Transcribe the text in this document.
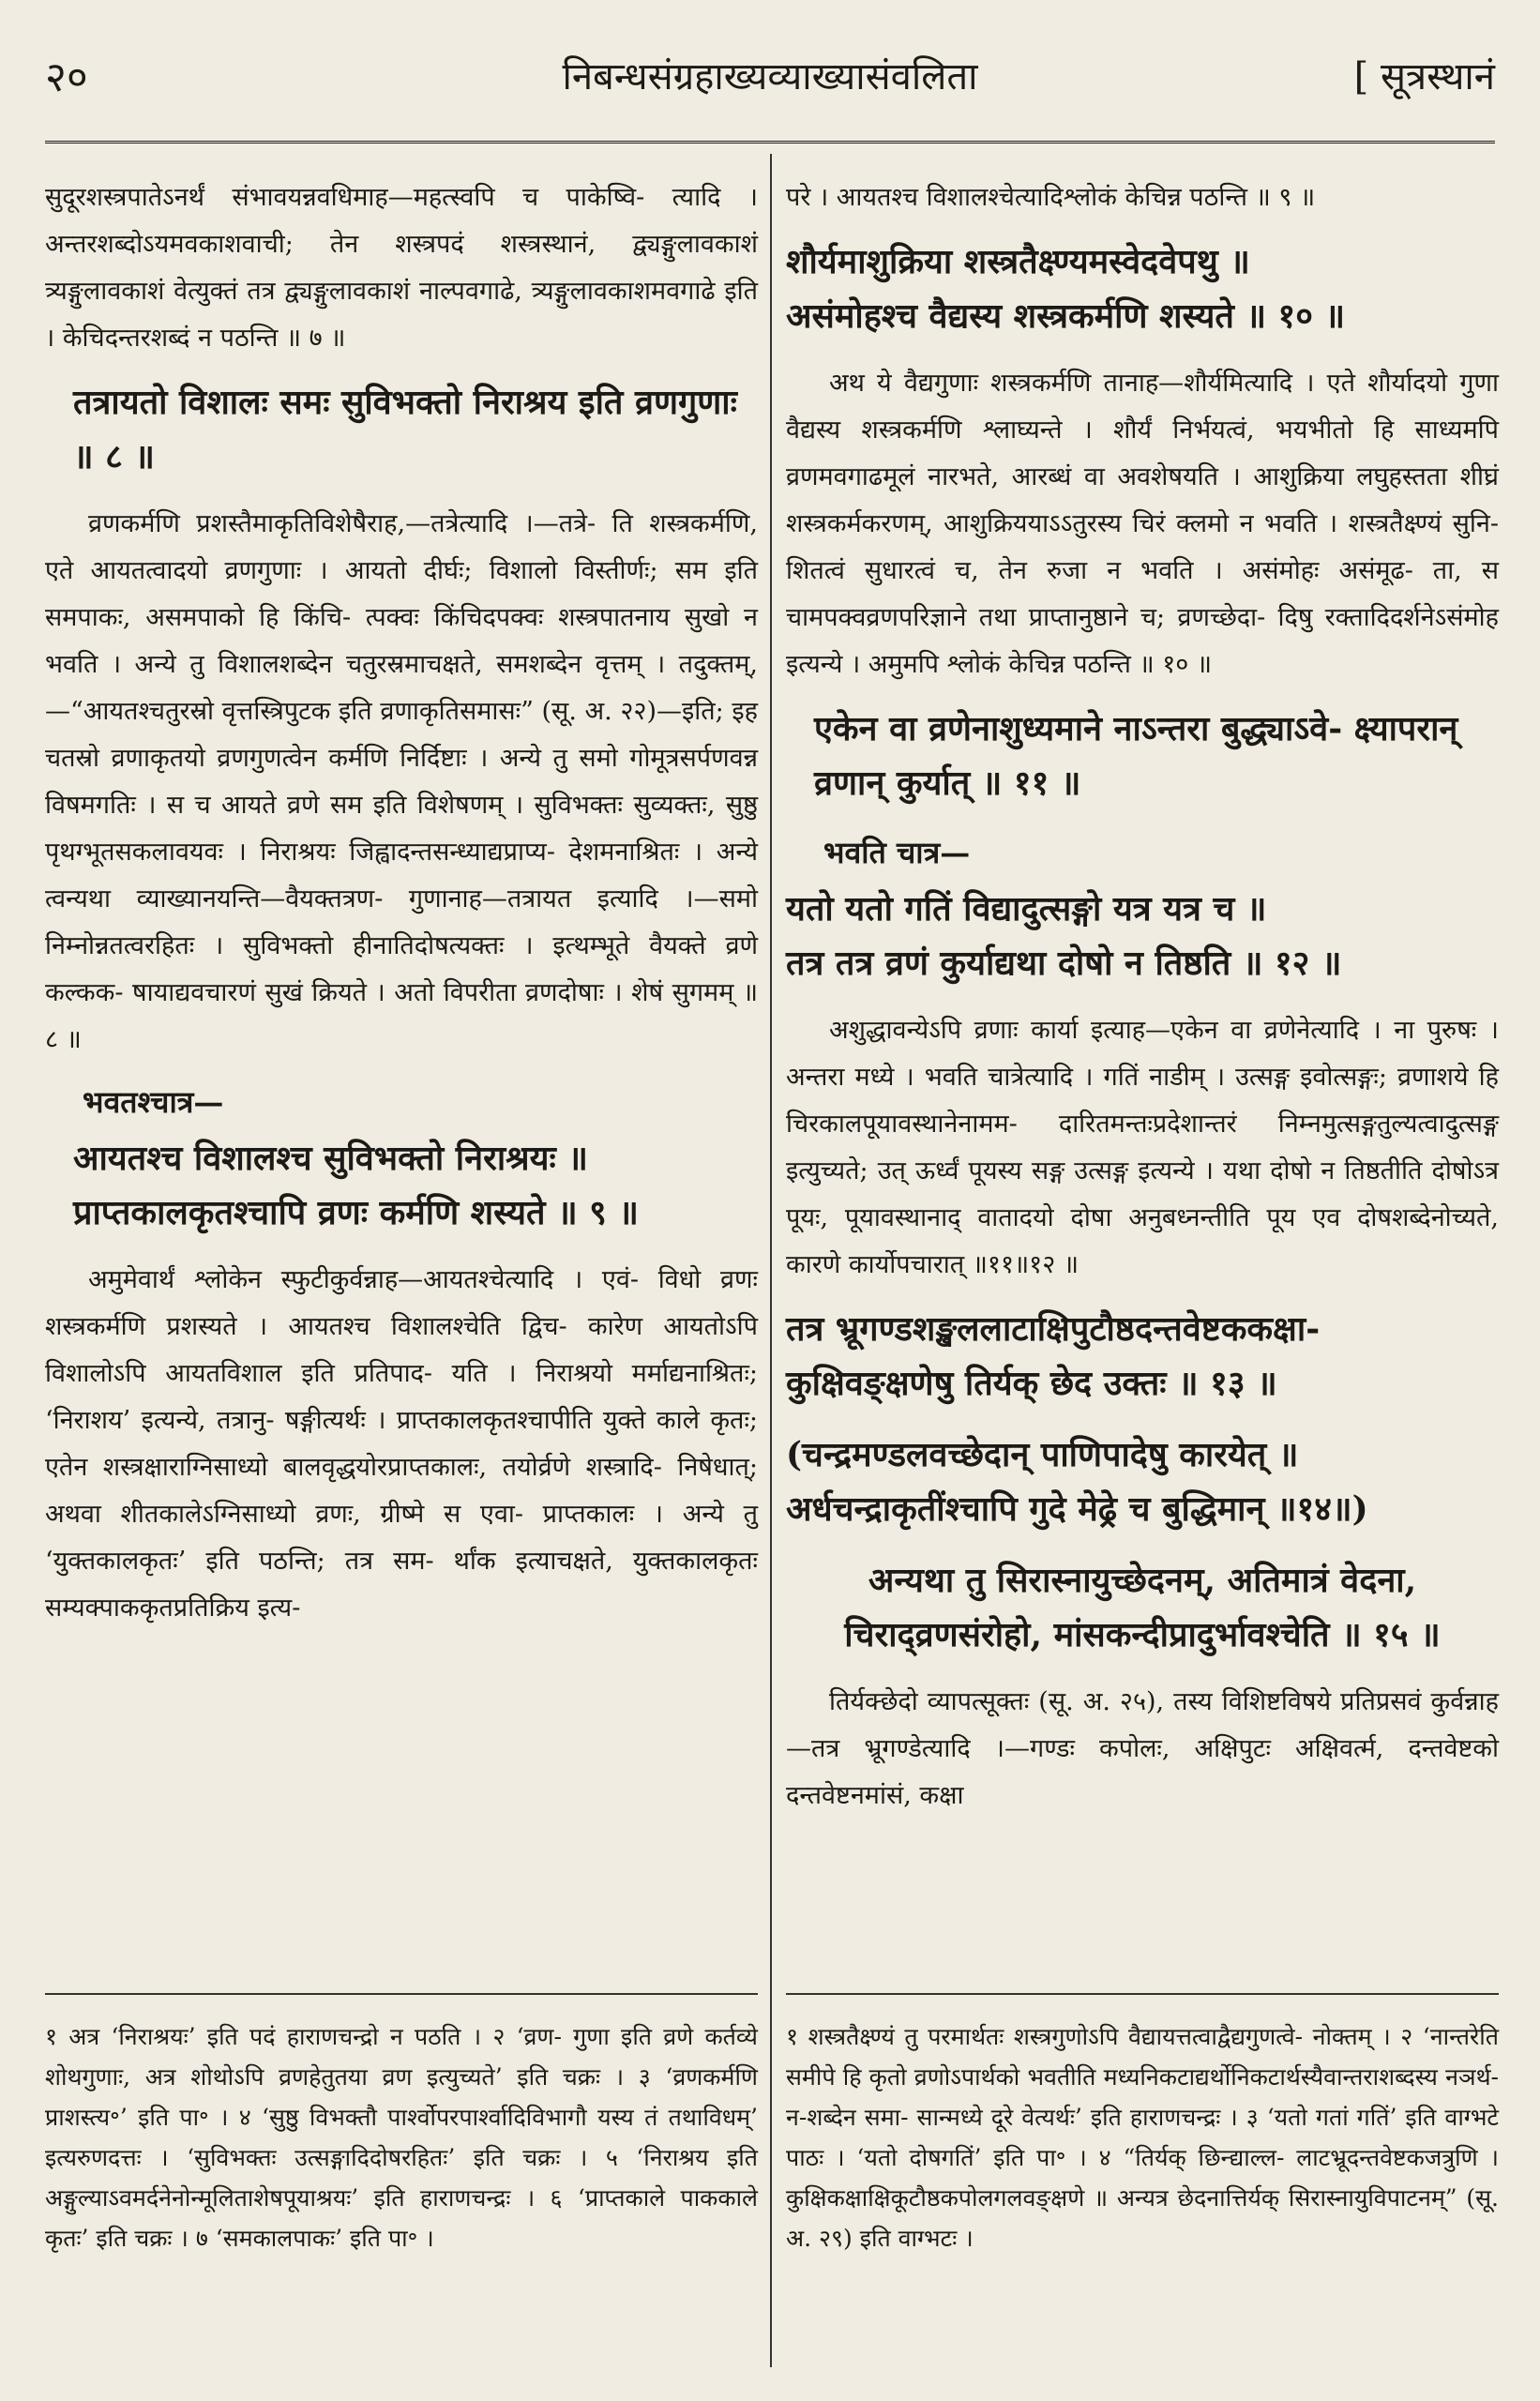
२०	निबन्धसंग्रहाख्यव्याख्यासंवलिता	[ सूत्रस्थानं

सुदूरशस्त्रपातेऽनर्थं संभावयन्नवधिमाह—महत्स्वपि च पाकेष्वि- त्यादि । अन्तरशब्दोऽयमवकाशवाची; तेन शस्त्रपदं शस्त्रस्थानं, द्व्यङ्गुलावकाशं त्र्यङ्गुलावकाशं वेत्युक्तं तत्र द्व्यङ्गुलावकाशं नाल्पवगाढे, त्र्यङ्गुलावकाशमवगाढे इति । केचिदन्तरशब्दं न पठन्ति ॥ ७ ॥

तत्रायतो विशालः समः सुविभक्तो निराश्रय इति व्रणगुणाः ॥ ८ ॥

व्रणकर्मणि प्रशस्तैमाकृतिविशेषैराह,—तत्रेत्यादि ।—तत्रे- ति शस्त्रकर्मणि, एते आयतत्वादयो व्रणगुणाः । आयतो दीर्घः; विशालो विस्तीर्णः; सम इति समपाकः, असमपाको हि किंचि- त्पक्वः किंचिदपक्वः शस्त्रपातनाय सुखो न भवति । अन्ये तु विशालशब्देन चतुरस्रमाचक्षते, समशब्देन वृत्तम् । तदुक्तम्, —“आयतश्चतुरस्रो वृत्तस्त्रिपुटक इति व्रणाकृतिसमासः” (सू. अ. २२)—इति; इह चतस्रो व्रणाकृतयो व्रणगुणत्वेन कर्मणि निर्दिष्टाः । अन्ये तु समो गोमूत्रसर्पणवन्न विषमगतिः । स च आयते व्रणे सम इति विशेषणम् । सुविभक्तः सुव्यक्तः, सुष्ठु पृथग्भूतसकलावयवः । निराश्रयः जिह्वादन्तसन्ध्याद्यप्राप्य- देशमनाश्रितः । अन्ये त्वन्यथा व्याख्यानयन्ति—वैयक्तत्रण- गुणानाह—तत्रायत इत्यादि ।—समो निम्नोन्नतत्वरहितः । सुविभक्तो हीनातिदोषत्यक्तः । इत्थम्भूते वैयक्ते व्रणे कल्कक- षायाद्यवचारणं सुखं क्रियते । अतो विपरीता व्रणदोषाः । शेषं सुगमम् ॥ ८ ॥

भवतश्चात्र—
आयतश्च विशालश्च सुविभक्तो निराश्रयः ॥
प्राप्तकालकृतश्चापि व्रणः कर्मणि शस्यते ॥ ९ ॥

अमुमेवार्थं श्लोकेन स्फुटीकुर्वन्नाह—आयतश्चेत्यादि । एवं- विधो व्रणः शस्त्रकर्मणि प्रशस्यते । आयतश्च विशालश्चेति द्विच- कारेण आयतोऽपि विशालोऽपि आयतविशाल इति प्रतिपाद- यति । निराश्रयो मर्माद्यनाश्रितः; ‘निराशय’ इत्यन्ये, तत्रानु- षङ्गीत्यर्थः । प्राप्तकालकृतश्चापीति युक्ते काले कृतः; एतेन शस्त्रक्षाराग्निसाध्यो बालवृद्धयोरप्राप्तकालः, तयोर्व्रणे शस्त्रादि- निषेधात्; अथवा शीतकालेऽग्निसाध्यो व्रणः, ग्रीष्मे स एवा- प्राप्तकालः । अन्ये तु ‘युक्तकालकृतः’ इति पठन्ति; तत्र सम- र्थांक इत्याचक्षते, युक्तकालकृतः सम्यक्पाककृतप्रतिक्रिय इत्य-

१ अत्र ‘निराश्रयः’ इति पदं हाराणचन्द्रो न पठति । २ ‘व्रण- गुणा इति व्रणे कर्तव्ये शोथगुणाः, अत्र शोथोऽपि व्रणहेतुतया व्रण इत्युच्यते’ इति चक्रः । ३ ‘व्रणकर्मणि प्राशस्त्य॰’ इति पा॰ । ४ ‘सुष्ठु विभक्तौ पार्श्वोपरपार्श्वादिविभागौ यस्य तं तथाविधम्’ इत्यरुणदत्तः । ‘सुविभक्तः उत्सङ्गादिदोषरहितः’ इति चक्रः । ५ ‘निराश्रय इति अङ्गुल्याऽवमर्दनेनोन्मूलिताशेषपूयाश्रयः’ इति हाराणचन्द्रः । ६ ‘प्राप्तकाले पाककाले कृतः’ इति चक्रः । ७ ‘समकालपाकः’ इति पा॰ ।

परे । आयतश्च विशालश्चेत्यादिश्लोकं केचिन्न पठन्ति ॥ ९ ॥

शौर्यमाशुक्रिया शस्त्रतैक्ष्ण्यमस्वेदवेपथु ॥
असंमोहश्च वैद्यस्य शस्त्रकर्मणि शस्यते ॥ १० ॥

अथ ये वैद्यगुणाः शस्त्रकर्मणि तानाह—शौर्यमित्यादि । एते शौर्यादयो गुणा वैद्यस्य शस्त्रकर्मणि श्लाघ्यन्ते । शौर्यं निर्भयत्वं, भयभीतो हि साध्यमपि व्रणमवगाढमूलं नारभते, आरब्धं वा अवशेषयति । आशुक्रिया लघुहस्तता शीघ्रं शस्त्रकर्मकरणम्, आशुक्रिययाऽऽतुरस्य चिरं क्लमो न भवति । शस्त्रतैक्ष्ण्यं सुनि- शितत्वं सुधारत्वं च, तेन रुजा न भवति । असंमोहः असंमूढ- ता, स चामपक्वव्रणपरिज्ञाने तथा प्राप्तानुष्ठाने च; व्रणच्छेदा- दिषु रक्तादिदर्शनेऽसंमोह इत्यन्ये । अमुमपि श्लोकं केचिन्न पठन्ति ॥ १० ॥

एकेन वा व्रणेनाशुध्यमाने नाऽन्तरा बुद्ध्याऽवे- क्ष्यापरान् व्रणान् कुर्यात् ॥ ११ ॥
भवति चात्र—
यतो यतो गतिं विद्यादुत्सङ्गो यत्र यत्र च ॥
तत्र तत्र व्रणं कुर्याद्यथा दोषो न तिष्ठति ॥ १२ ॥

अशुद्धावन्येऽपि व्रणाः कार्या इत्याह—एकेन वा व्रणेनेत्यादि । ना पुरुषः । अन्तरा मध्ये । भवति चात्रेत्यादि । गतिं नाडीम् । उत्सङ्ग इवोत्सङ्गः; व्रणाशये हि चिरकालपूयावस्थानेनामम- दारितमन्तःप्रदेशान्तरं निम्नमुत्सङ्गतुल्यत्वादुत्सङ्ग इत्युच्यते; उत् ऊर्ध्वं पूयस्य सङ्ग उत्सङ्ग इत्यन्ये । यथा दोषो न तिष्ठतीति दोषोऽत्र पूयः, पूयावस्थानाद् वातादयो दोषा अनुबध्नन्तीति पूय एव दोषशब्देनोच्यते, कारणे कार्योपचारात् ॥११॥१२ ॥

तत्र भ्रूगण्डशङ्खललाटाक्षिपुटौष्ठदन्तवेष्टककक्षा- कुक्षिवङ्क्षणेषु तिर्यक् छेद उक्तः ॥ १३ ॥
(चन्द्रमण्डलवच्छेदान् पाणिपादेषु कारयेत् ॥
अर्धचन्द्राकृतींश्चापि गुदे मेढ्रे च बुद्धिमान् ॥१४॥)
अन्यथा तु सिरास्नायुच्छेदनम्, अतिमात्रं वेदना, चिराद्व्रणसंरोहो, मांसकन्दीप्रादुर्भावश्चेति ॥ १५ ॥

तिर्यक्छेदो व्यापत्सूक्तः (सू. अ. २५), तस्य विशिष्टविषये प्रतिप्रसवं कुर्वन्नाह—तत्र भ्रूगण्डेत्यादि ।—गण्डः कपोलः, अक्षिपुटः अक्षिवर्त्म, दन्तवेष्टको दन्तवेष्टनमांसं, कक्षा

१ शस्त्रतैक्ष्ण्यं तु परमार्थतः शस्त्रगुणोऽपि वैद्यायत्तत्वाद्वैद्यगुणत्वे- नोक्तम् । २ ‘नान्तरेति समीपे हि कृतो व्रणोऽपार्थको भवतीति मध्यनिकटाद्यर्थोनिकटार्थस्यैवान्तराशब्दस्य नञर्थ-न-शब्देन समा- सान्मध्ये दूरे वेत्यर्थः’ इति हाराणचन्द्रः । ३ ‘यतो गतां गतिं’ इति वाग्भटे पाठः । ‘यतो दोषगतिं’ इति पा॰ । ४ “तिर्यक् छिन्द्याल्ल- लाटभ्रूदन्तवेष्टकजत्रुणि । कुक्षिकक्षाक्षिकूटौष्ठकपोलगलवङ्क्षणे ॥ अन्यत्र छेदनात्तिर्यक् सिरास्नायुविपाटनम्” (सू. अ. २९) इति वाग्भटः ।
